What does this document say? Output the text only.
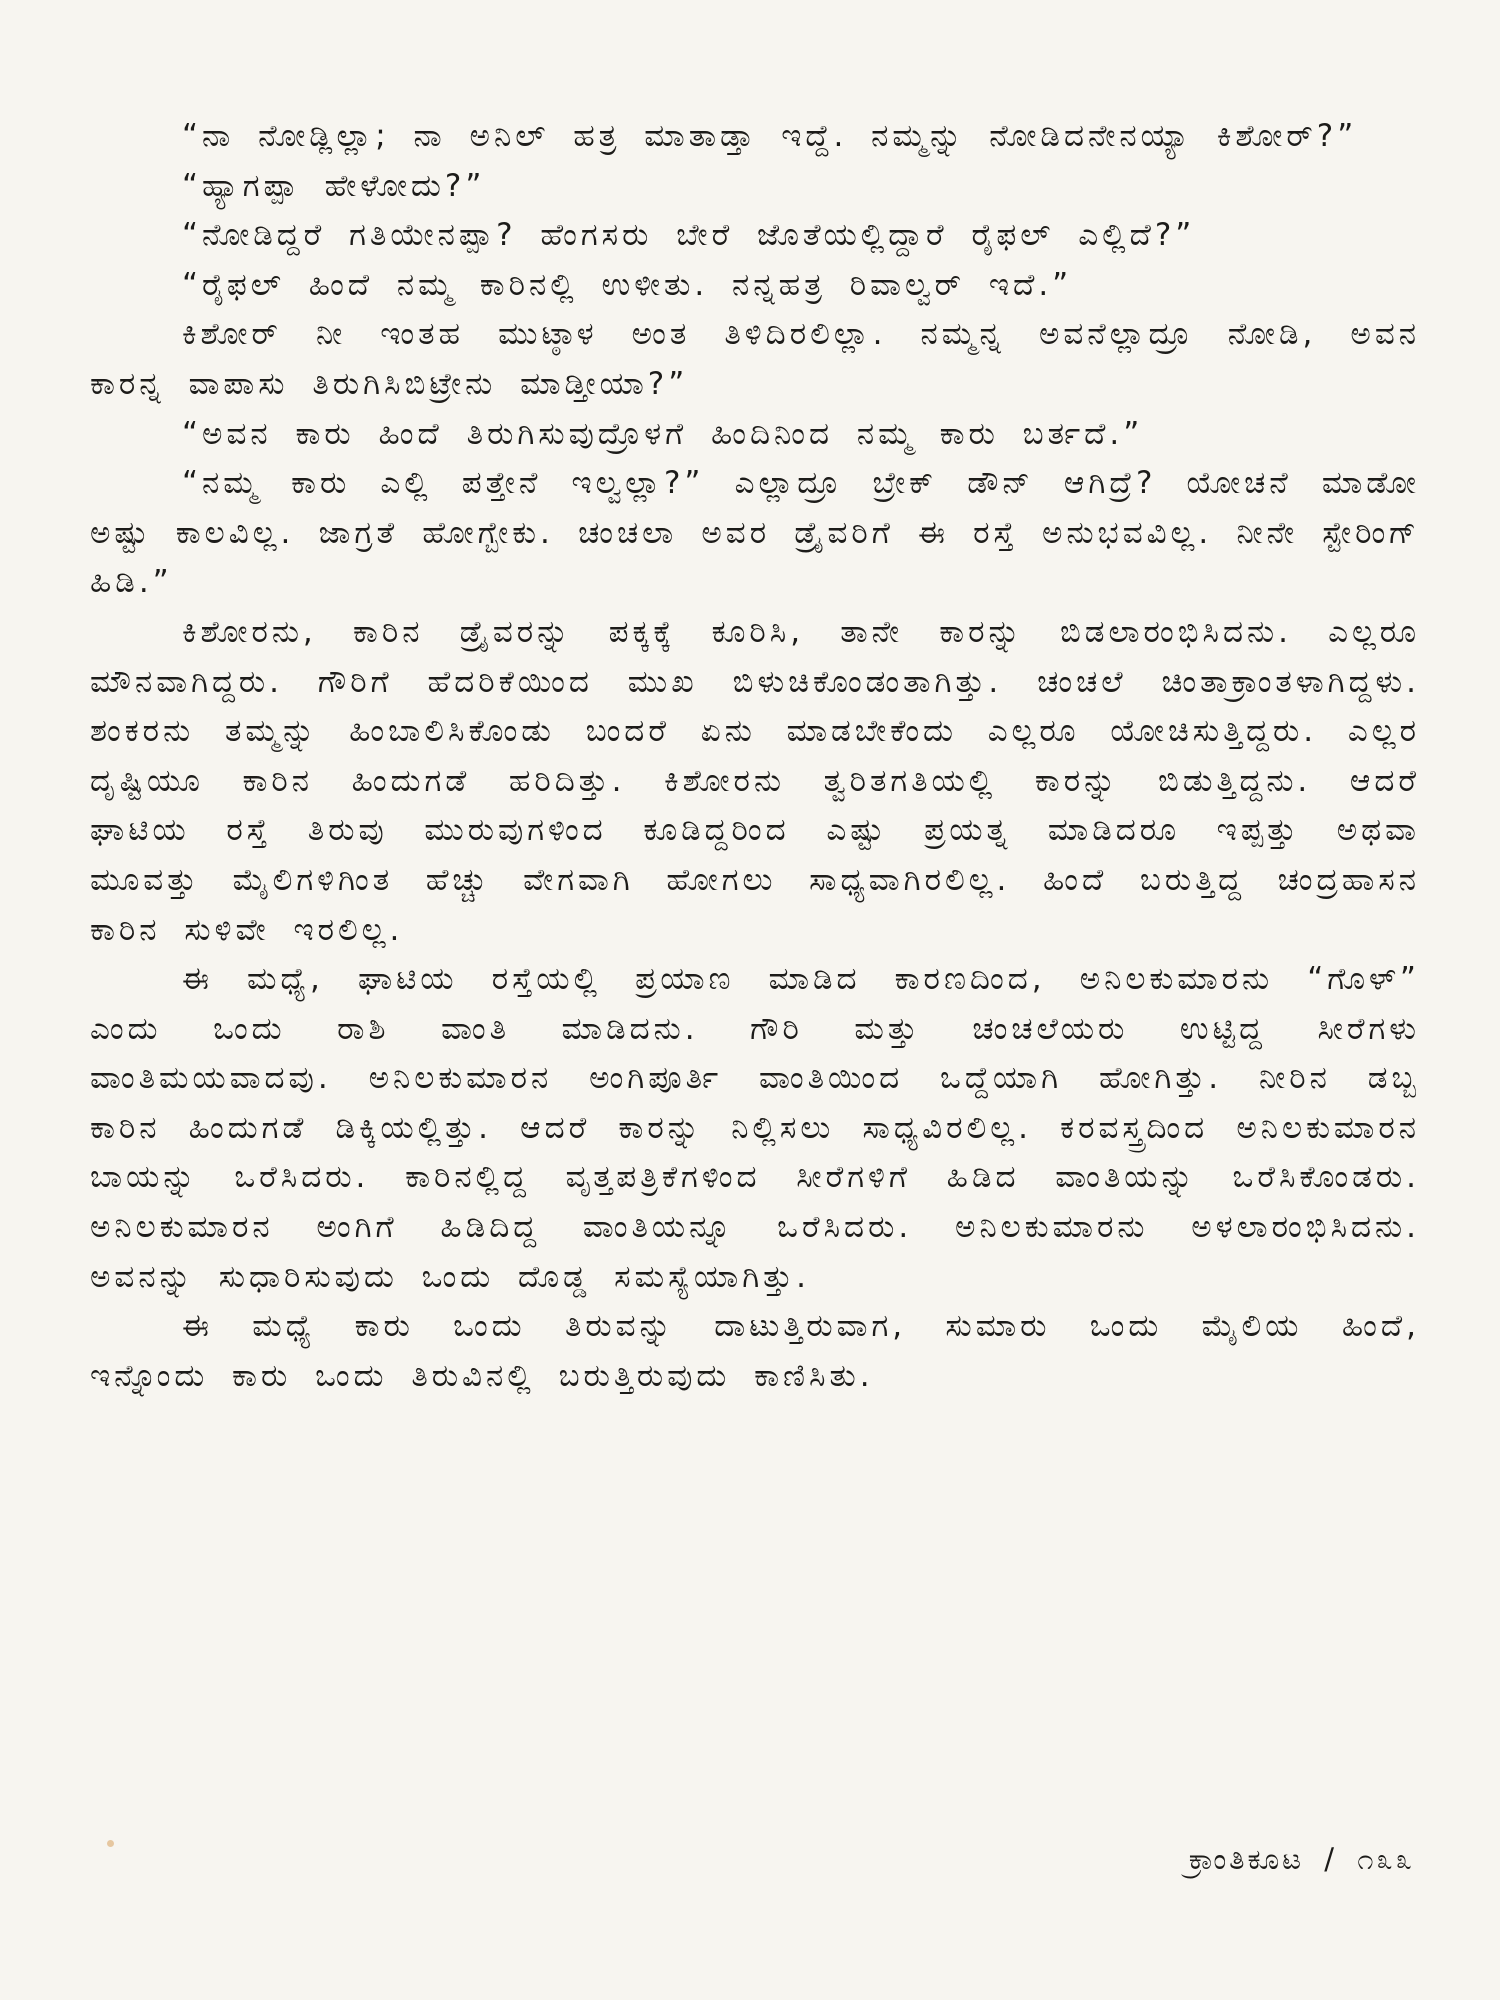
“ನಾ ನೋಡ್ಲಿಲ್ಲಾ; ನಾ ಅನಿಲ್ ಹತ್ರ ಮಾತಾಡ್ತಾ ಇದ್ದೆ. ನಮ್ಮನ್ನು ನೋಡಿದನೇನಯ್ಯಾ ಕಿಶೋರ್?”

“ಹ್ಯಾಗಪ್ಪಾ ಹೇಳೋದು?”

“ನೋಡಿದ್ದರೆ ಗತಿಯೇನಪ್ಪಾ? ಹೆಂಗಸರು ಬೇರೆ ಜೊತೆಯಲ್ಲಿದ್ದಾರೆ ರೈಫಲ್ ಎಲ್ಲಿದೆ?”

“ರೈಫಲ್ ಹಿಂದೆ ನಮ್ಮ ಕಾರಿನಲ್ಲಿ ಉಳೀತು. ನನ್ನಹತ್ರ ರಿವಾಲ್ವರ್ ಇದೆ.”

ಕಿಶೋರ್ ನೀ ಇಂತಹ ಮುಟ್ಠಾಳ ಅಂತ ತಿಳಿದಿರಲಿಲ್ಲಾ. ನಮ್ಮನ್ನ ಅವನೆಲ್ಲಾದ್ರೂ ನೋಡಿ, ಅವನ ಕಾರನ್ನ ವಾಪಾಸು ತಿರುಗಿಸಿಬಿಟ್ರೇನು ಮಾಡ್ತೀಯಾ?”

“ಅವನ ಕಾರು ಹಿಂದೆ ತಿರುಗಿಸುವುದ್ರೊಳಗೆ ಹಿಂದಿನಿಂದ ನಮ್ಮ ಕಾರು ಬರ್ತದೆ.”

“ನಮ್ಮ ಕಾರು ಎಲ್ಲಿ ಪತ್ತೇನೆ ಇಲ್ವಲ್ಲಾ?” ಎಲ್ಲಾದ್ರೂ ಬ್ರೇಕ್ ಡೌನ್ ಆಗಿದ್ರೆ? ಯೋಚನೆ ಮಾಡೋ ಅಷ್ಟು ಕಾಲವಿಲ್ಲ. ಜಾಗ್ರತೆ ಹೋಗ್ಬೇಕು. ಚಂಚಲಾ ಅವರ ಡ್ರೈವರಿಗೆ ಈ ರಸ್ತೆ ಅನುಭವವಿಲ್ಲ. ನೀನೇ ಸ್ಟೇರಿಂಗ್ ಹಿಡಿ.”

ಕಿಶೋರನು, ಕಾರಿನ ಡ್ರೈವರನ್ನು ಪಕ್ಕಕ್ಕೆ ಕೂರಿಸಿ, ತಾನೇ ಕಾರನ್ನು ಬಿಡಲಾರಂಭಿಸಿದನು. ಎಲ್ಲರೂ ಮೌನವಾಗಿದ್ದರು. ಗೌರಿಗೆ ಹೆದರಿಕೆಯಿಂದ ಮುಖ ಬಿಳುಚಿಕೊಂಡಂತಾಗಿತ್ತು. ಚಂಚಲೆ ಚಿಂತಾಕ್ರಾಂತಳಾಗಿದ್ದಳು. ಶಂಕರನು ತಮ್ಮನ್ನು ಹಿಂಬಾಲಿಸಿಕೊಂಡು ಬಂದರೆ ಏನು ಮಾಡಬೇಕೆಂದು ಎಲ್ಲರೂ ಯೋಚಿಸುತ್ತಿದ್ದರು. ಎಲ್ಲರ ದೃಷ್ಟಿಯೂ ಕಾರಿನ ಹಿಂದುಗಡೆ ಹರಿದಿತ್ತು. ಕಿಶೋರನು ತ್ವರಿತಗತಿಯಲ್ಲಿ ಕಾರನ್ನು ಬಿಡುತ್ತಿದ್ದನು. ಆದರೆ ಘಾಟಿಯ ರಸ್ತೆ ತಿರುವು ಮುರುವುಗಳಿಂದ ಕೂಡಿದ್ದರಿಂದ ಎಷ್ಟು ಪ್ರಯತ್ನ ಮಾಡಿದರೂ ಇಪ್ಪತ್ತು ಅಥವಾ ಮೂವತ್ತು ಮೈಲಿಗಳಿಗಿಂತ ಹೆಚ್ಚು ವೇಗವಾಗಿ ಹೋಗಲು ಸಾಧ್ಯವಾಗಿರಲಿಲ್ಲ. ಹಿಂದೆ ಬರುತ್ತಿದ್ದ ಚಂದ್ರಹಾಸನ ಕಾರಿನ ಸುಳಿವೇ ಇರಲಿಲ್ಲ.

ಈ ಮಧ್ಯೆ, ಘಾಟಿಯ ರಸ್ತೆಯಲ್ಲಿ ಪ್ರಯಾಣ ಮಾಡಿದ ಕಾರಣದಿಂದ, ಅನಿಲಕುಮಾರನು “ಗೊಳ್” ಎಂದು ಒಂದು ರಾಶಿ ವಾಂತಿ ಮಾಡಿದನು. ಗೌರಿ ಮತ್ತು ಚಂಚಲೆಯರು ಉಟ್ಟಿದ್ದ ಸೀರೆಗಳು ವಾಂತಿಮಯವಾದವು. ಅನಿಲಕುಮಾರನ ಅಂಗಿಪೂರ್ತಿ ವಾಂತಿಯಿಂದ ಒದ್ದೆಯಾಗಿ ಹೋಗಿತ್ತು. ನೀರಿನ ಡಬ್ಬ ಕಾರಿನ ಹಿಂದುಗಡೆ ಡಿಕ್ಕಿಯಲ್ಲಿತ್ತು. ಆದರೆ ಕಾರನ್ನು ನಿಲ್ಲಿಸಲು ಸಾಧ್ಯವಿರಲಿಲ್ಲ. ಕರವಸ್ತ್ರದಿಂದ ಅನಿಲಕುಮಾರನ ಬಾಯನ್ನು ಒರೆಸಿದರು. ಕಾರಿನಲ್ಲಿದ್ದ ವೃತ್ತಪತ್ರಿಕೆಗಳಿಂದ ಸೀರೆಗಳಿಗೆ ಹಿಡಿದ ವಾಂತಿಯನ್ನು ಒರೆಸಿಕೊಂಡರು. ಅನಿಲಕುಮಾರನ ಅಂಗಿಗೆ ಹಿಡಿದಿದ್ದ ವಾಂತಿಯನ್ನೂ ಒರೆಸಿದರು. ಅನಿಲಕುಮಾರನು ಅಳಲಾರಂಭಿಸಿದನು. ಅವನನ್ನು ಸುಧಾರಿಸುವುದು ಒಂದು ದೊಡ್ಡ ಸಮಸ್ಯೆಯಾಗಿತ್ತು.

ಈ ಮಧ್ಯೆ ಕಾರು ಒಂದು ತಿರುವನ್ನು ದಾಟುತ್ತಿರುವಾಗ, ಸುಮಾರು ಒಂದು ಮೈಲಿಯ ಹಿಂದೆ, ಇನ್ನೊಂದು ಕಾರು ಒಂದು ತಿರುವಿನಲ್ಲಿ ಬರುತ್ತಿರುವುದು ಕಾಣಿಸಿತು.

ಕ್ರಾಂತಿಕೂಟ / ೧೩೩
